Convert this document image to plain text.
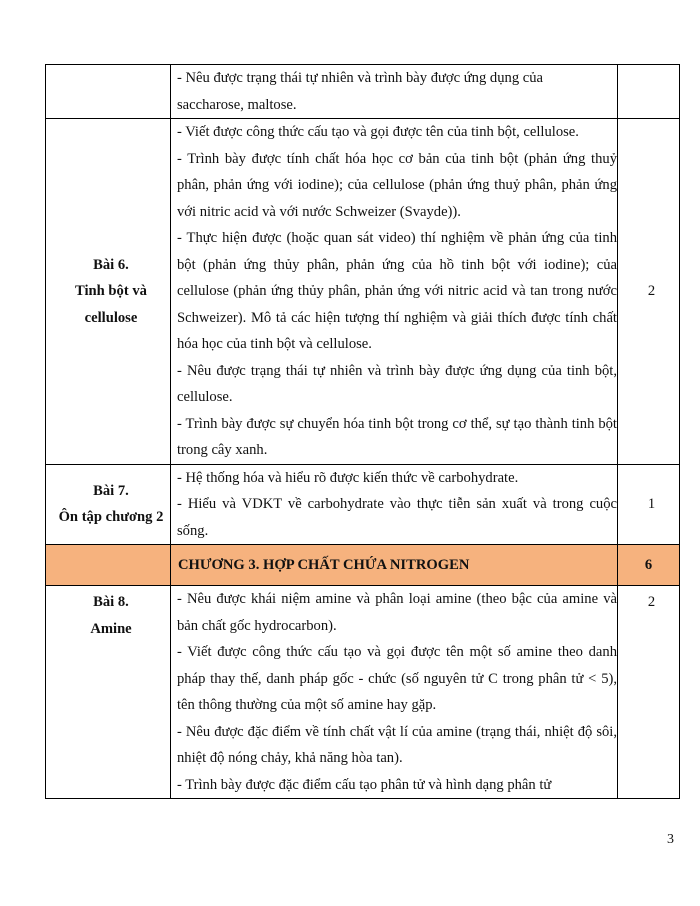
	- Nêu được trạng thái tự nhiên và trình bày được ứng dụng của
saccharose, maltose.	

Bài 6.
Tinh bột và cellulose	- Viết được công thức cấu tạo và gọi được tên của tinh bột, cellulose.
- Trình bày được tính chất hóa học cơ bản của tinh bột (phản ứng thuỷ phân, phản ứng với iodine); của cellulose (phản ứng thuỷ phân, phản ứng với nitric acid và với nước Schweizer (Svayde)).
- Thực hiện được (hoặc quan sát video) thí nghiệm về phản ứng của tinh bột (phản ứng thủy phân, phản ứng của hồ tinh bột với iodine); của cellulose (phản ứng thủy phân, phản ứng với nitric acid và tan trong nước Schweizer). Mô tả các hiện tượng thí nghiệm và giải thích được tính chất hóa học của tinh bột và cellulose.
- Nêu được trạng thái tự nhiên và trình bày được ứng dụng của tinh bột, cellulose.
- Trình bày được sự chuyển hóa tinh bột trong cơ thể, sự tạo thành tinh bột trong cây xanh.	2

Bài 7.
Ôn tập chương 2	- Hệ thống hóa và hiểu rõ được kiến thức về carbohydrate.
- Hiểu và VDKT về carbohydrate vào thực tiễn sản xuất và trong cuộc sống.	1
	CHƯƠNG 3. HỢP CHẤT CHỨA NITROGEN	6

Bài 8.
Amine	- Nêu được khái niệm amine và phân loại amine (theo bậc của amine và bản chất gốc hydrocarbon).
- Viết được công thức cấu tạo và gọi được tên một số amine theo danh pháp thay thế, danh pháp gốc - chức (số nguyên tử C trong phân tử < 5), tên thông thường của một số amine hay gặp.
- Nêu được đặc điểm về tính chất vật lí của amine (trạng thái, nhiệt độ sôi, nhiệt độ nóng chảy, khả năng hòa tan).
- Trình bày được đặc điểm cấu tạo phân tử và hình dạng phân tử	2
3
